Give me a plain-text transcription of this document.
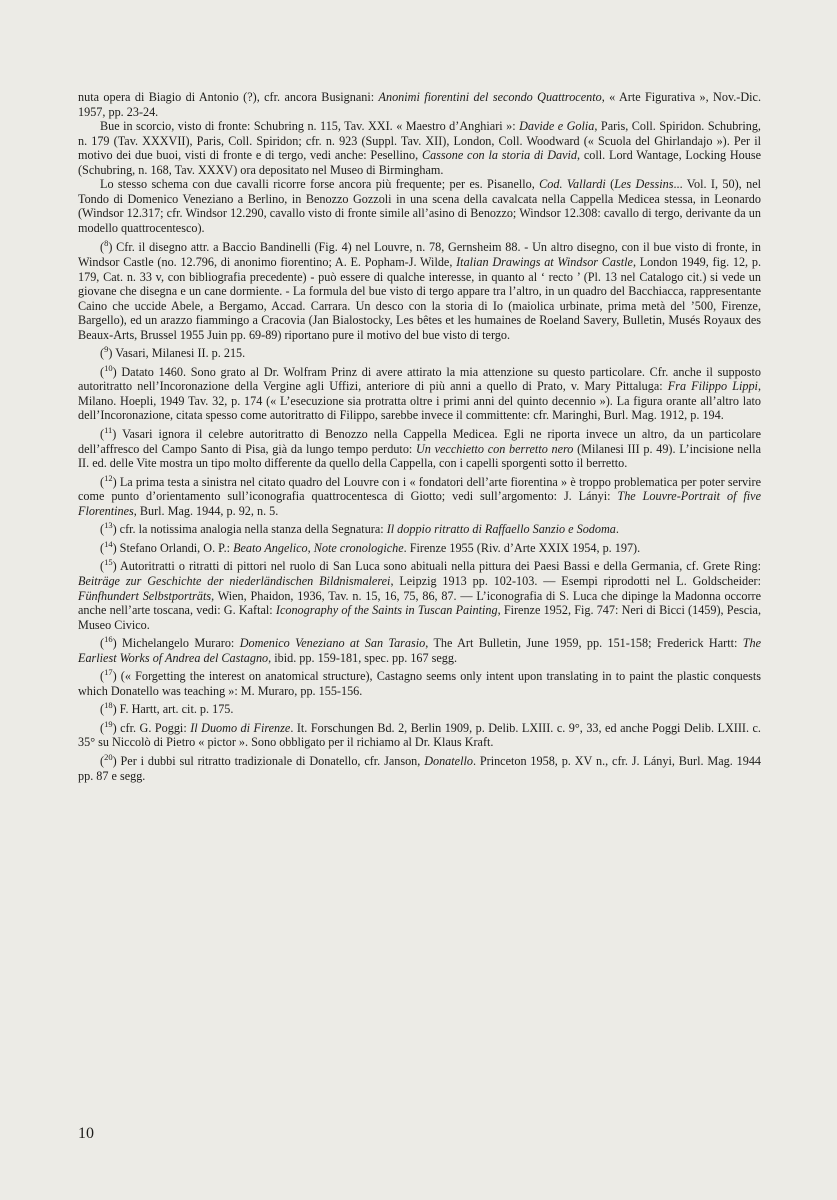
nuta opera di Biagio di Antonio (?), cfr. ancora Busignani: Anonimi fiorentini del secondo Quattrocento, « Arte Figurativa », Nov.-Dic. 1957, pp. 23-24.

Bue in scorcio, visto di fronte: Schubring n. 115, Tav. XXI. « Maestro d’Anghiari »: Davide e Golia, Paris, Coll. Spiridon. Schubring, n. 179 (Tav. XXXVII), Paris, Coll. Spiridon; cfr. n. 923 (Suppl. Tav. XII), London, Coll. Woodward (« Scuola del Ghirlandajo »). Per il motivo dei due buoi, visti di fronte e di tergo, vedi anche: Pesellino, Cassone con la storia di David, coll. Lord Wantage, Locking House (Schubring, n. 168, Tav. XXXV) ora depositato nel Museo di Birmingham.

Lo stesso schema con due cavalli ricorre forse ancora più frequente; per es. Pisanello, Cod. Vallardi (Les Dessins... Vol. I, 50), nel Tondo di Domenico Veneziano a Berlino, in Benozzo Gozzoli in una scena della cavalcata nella Cappella Medicea stessa, in Leonardo (Windsor 12.317; cfr. Windsor 12.290, cavallo visto di fronte simile all’asino di Benozzo; Windsor 12.308: cavallo di tergo, derivante da un modello quattrocentesco).

($^8$) Cfr. il disegno attr. a Baccio Bandinelli (Fig. 4) nel Louvre, n. 78, Gernsheim 88. - Un altro disegno, con il bue visto di fronte, in Windsor Castle (no. 12.796, di anonimo fiorentino; A. E. Popham-J. Wilde, Italian Drawings at Windsor Castle, London 1949, fig. 12, p. 179, Cat. n. 33 v, con bibliografia precedente) - può essere di qualche interesse, in quanto al ‘ recto ’ (Pl. 13 nel Catalogo cit.) si vede un giovane che disegna e un cane dormiente. - La formula del bue visto di tergo appare tra l’altro, in un quadro del Bacchiacca, rappresentante Caino che uccide Abele, a Bergamo, Accad. Carrara. Un desco con la storia di Io (maiolica urbinate, prima metà del ’500, Firenze, Bargello), ed un arazzo fiammingo a Cracovia (Jan Bialostocky, Les bêtes et les humaines de Roeland Savery, Bulletin, Musés Royaux des Beaux-Arts, Brussel 1955 Juin pp. 69-89) riportano pure il motivo del bue visto di tergo.

($^9$) Vasari, Milanesi II. p. 215.

($^{10}$) Datato 1460. Sono grato al Dr. Wolfram Prinz di avere attirato la mia attenzione su questo particolare. Cfr. anche il supposto autoritratto nell’Incoronazione della Vergine agli Uffizi, anteriore di più anni a quello di Prato, v. Mary Pittaluga: Fra Filippo Lippi, Milano. Hoepli, 1949 Tav. 32, p. 174 (« L’esecuzione sia protratta oltre i primi anni del quinto decennio »). La figura orante all’altro lato dell’Incoronazione, citata spesso come autoritratto di Filippo, sarebbe invece il committente: cfr. Maringhi, Burl. Mag. 1912, p. 194.

($^{11}$) Vasari ignora il celebre autoritratto di Benozzo nella Cappella Medicea. Egli ne riporta invece un altro, da un particolare dell’affresco del Campo Santo di Pisa, già da lungo tempo perduto: Un vecchietto con berretto nero (Milanesi III p. 49). L’incisione nella II. ed. delle Vite mostra un tipo molto differente da quello della Cappella, con i capelli sporgenti sotto il berretto.

($^{12}$) La prima testa a sinistra nel citato quadro del Louvre con i « fondatori dell’arte fiorentina » è troppo problematica per poter servire come punto d’orientamento sull’iconografia quattrocentesca di Giotto; vedi sull’argomento: J. Lányi: The Louvre-Portrait of five Florentines, Burl. Mag. 1944, p. 92, n. 5.

($^{13}$) cfr. la notissima analogia nella stanza della Segnatura: Il doppio ritratto di Raffaello Sanzio e Sodoma.

($^{14}$) Stefano Orlandi, O. P.: Beato Angelico, Note cronologiche. Firenze 1955 (Riv. d’Arte XXIX 1954, p. 197).

($^{15}$) Autoritratti o ritratti di pittori nel ruolo di San Luca sono abituali nella pittura dei Paesi Bassi e della Germania, cf. Grete Ring: Beiträge zur Geschichte der niederländischen Bildnismalerei, Leipzig 1913 pp. 102-103. — Esempi riprodotti nel L. Goldscheider: Fünfhundert Selbstporträts, Wien, Phaidon, 1936, Tav. n. 15, 16, 75, 86, 87. — L’iconografia di S. Luca che dipinge la Madonna occorre anche nell’arte toscana, vedi: G. Kaftal: Iconography of the Saints in Tuscan Painting, Firenze 1952, Fig. 747: Neri di Bicci (1459), Pescia, Museo Civico.

($^{16}$) Michelangelo Muraro: Domenico Veneziano at San Tarasio, The Art Bulletin, June 1959, pp. 151-158; Frederick Hartt: The Earliest Works of Andrea del Castagno, ibid. pp. 159-181, spec. pp. 167 segg.

($^{17}$) (« Forgetting the interest on anatomical structure), Castagno seems only intent upon translating in to paint the plastic conquests which Donatello was teaching »: M. Muraro, pp. 155-156.

($^{18}$) F. Hartt, art. cit. p. 175.

($^{19}$) cfr. G. Poggi: Il Duomo di Firenze. It. Forschungen Bd. 2, Berlin 1909, p. Delib. LXIII. c. 9°, 33, ed anche Poggi Delib. LXIII. c. 35° su Niccolò di Pietro « pictor ». Sono obbligato per il richiamo al Dr. Klaus Kraft.

($^{20}$) Per i dubbi sul ritratto tradizionale di Donatello, cfr. Janson, Donatello. Princeton 1958, p. XV n., cfr. J. Lányi, Burl. Mag. 1944 pp. 87 e segg.

10
